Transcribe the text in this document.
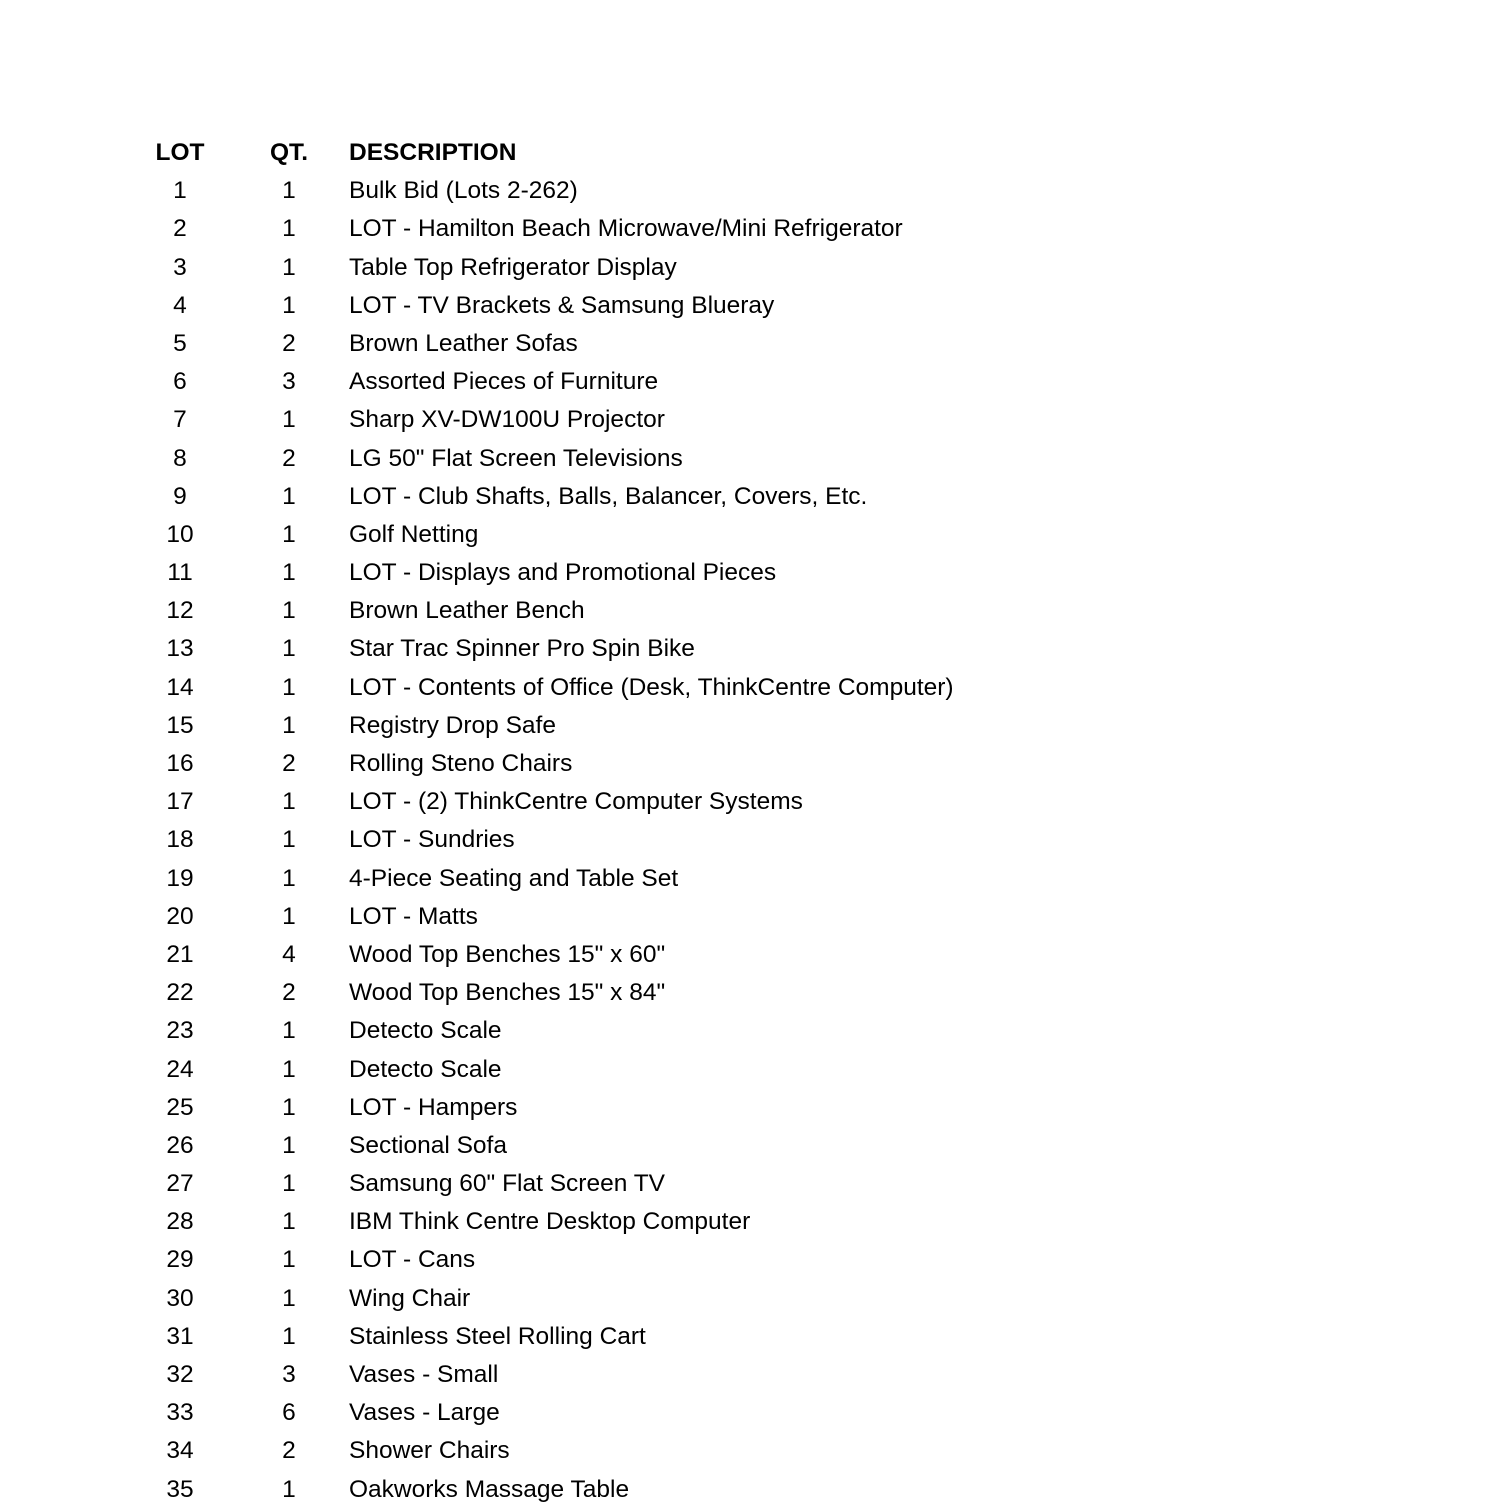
LOT	QT.	DESCRIPTION
1	1	Bulk Bid (Lots 2-262)
2	1	LOT - Hamilton Beach Microwave/Mini Refrigerator
3	1	Table Top Refrigerator Display
4	1	LOT - TV Brackets & Samsung Blueray
5	2	Brown Leather Sofas
6	3	Assorted Pieces of Furniture
7	1	Sharp XV-DW100U Projector
8	2	LG 50" Flat Screen Televisions
9	1	LOT - Club Shafts, Balls, Balancer, Covers, Etc.
10	1	Golf Netting
11	1	LOT - Displays and Promotional Pieces
12	1	Brown Leather Bench
13	1	Star Trac Spinner Pro Spin Bike
14	1	LOT - Contents of Office (Desk, ThinkCentre Computer)
15	1	Registry Drop Safe
16	2	Rolling Steno Chairs
17	1	LOT - (2) ThinkCentre Computer Systems
18	1	LOT - Sundries
19	1	4-Piece Seating and Table Set
20	1	LOT - Matts
21	4	Wood Top Benches 15" x 60"
22	2	Wood Top Benches 15" x 84"
23	1	Detecto Scale
24	1	Detecto Scale
25	1	LOT - Hampers
26	1	Sectional Sofa
27	1	Samsung 60" Flat Screen TV
28	1	IBM Think Centre Desktop Computer
29	1	LOT - Cans
30	1	Wing Chair
31	1	Stainless Steel Rolling Cart
32	3	Vases - Small
33	6	Vases - Large
34	2	Shower Chairs
35	1	Oakworks Massage Table
